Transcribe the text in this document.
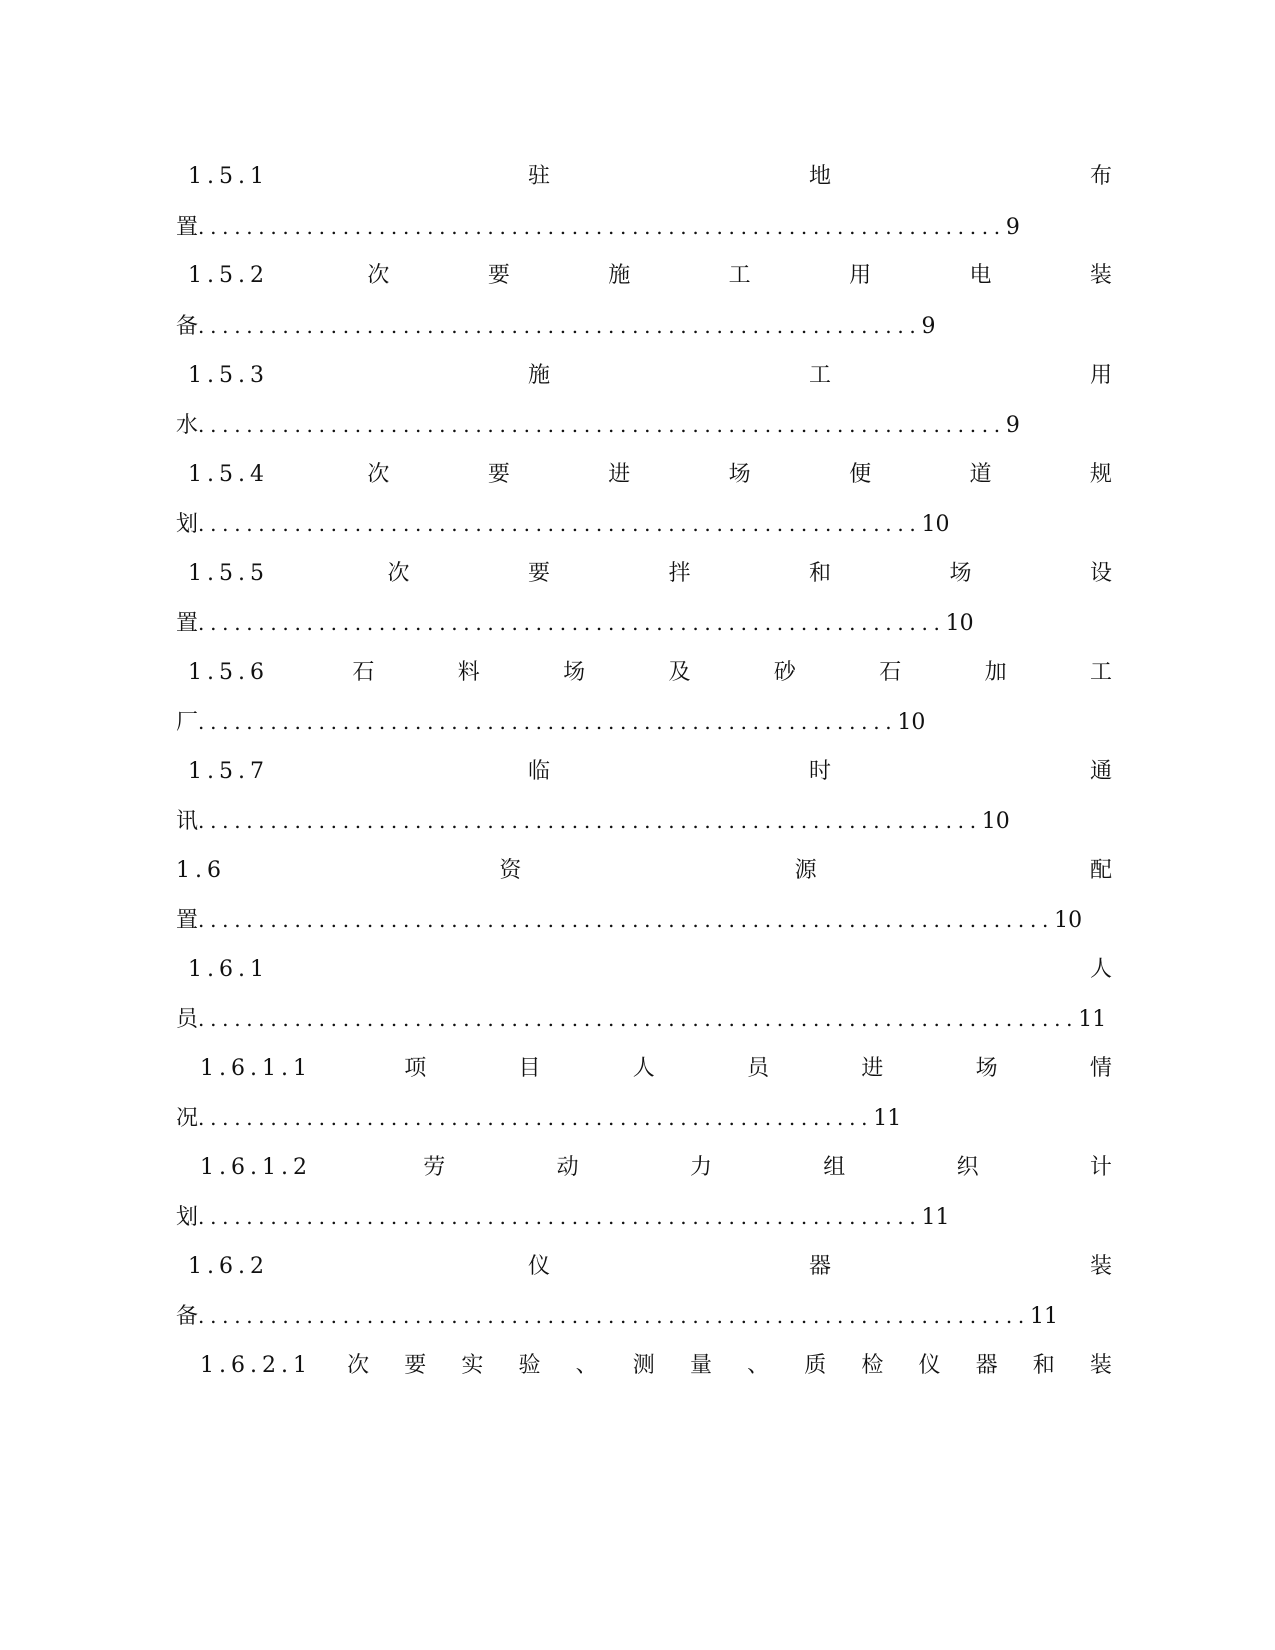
1.5.1	驻	地	布
置...................................................................9
1.5.2	次	要	施	工	用	电	装
备............................................................9
1.5.3	施	工	用
水...................................................................9
1.5.4	次	要	进	场	便	道	规
划............................................................10
1.5.5	次	要	拌	和	场	设
置..............................................................10
1.5.6	石	料	场	及	砂	石	加	工
厂..........................................................10
1.5.7	临	时	通
讯.................................................................10
1.6	资	源	配
置.......................................................................10
1.6.1	人
员.........................................................................11
1.6.1.1	项	目	人	员	进	场	情
况........................................................11
1.6.1.2	劳	动	力	组	织	计
划............................................................11
1.6.2	仪	器	装
备.....................................................................11
1.6.2.1 次 要 实 验 、 测 量 、 质 检 仪 器 和 装
